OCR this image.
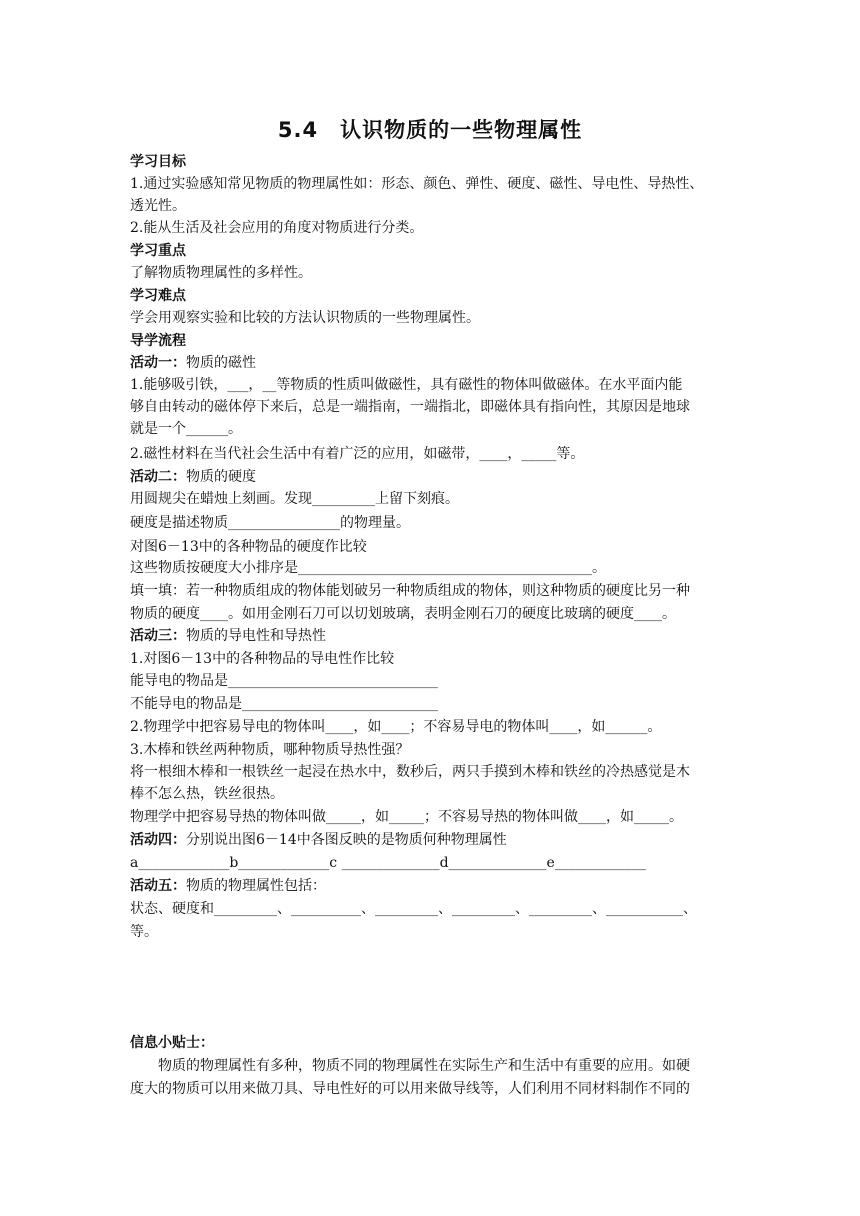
5.4　认识物质的一些物理属性
学习目标
1.通过实验感知常见物质的物理属性如：形态、颜色、弹性、硬度、磁性、导电性、导热性、
透光性。
2.能从生活及社会应用的角度对物质进行分类。
学习重点
了解物质物理属性的多样性。
学习难点
学会用观察实验和比较的方法认识物质的一些物理属性。
导学流程
活动一：物质的磁性
1.能够吸引铁，___，__等物质的性质叫做磁性，具有磁性的物体叫做磁体。在水平面内能
够自由转动的磁体停下来后，总是一端指南，一端指北，即磁体具有指向性，其原因是地球
就是一个______。
2.磁性材料在当代社会生活中有着广泛的应用，如磁带，____，_____等。
活动二：物质的硬度
用圆规尖在蜡烛上刻画。发现_________上留下刻痕。
硬度是描述物质________________的物理量。
对图6－13中的各种物品的硬度作比较
这些物质按硬度大小排序是__________________________________________。
填一填：若一种物质组成的物体能划破另一种物质组成的物体，则这种物质的硬度比另一种
物质的硬度____。如用金刚石刀可以切划玻璃，表明金刚石刀的硬度比玻璃的硬度____。
活动三：物质的导电性和导热性
1.对图6－13中的各种物品的导电性作比较
能导电的物品是______________________________
不能导电的物品是____________________________
2.物理学中把容易导电的物体叫____，如____；不容易导电的物体叫____，如______。
3.木棒和铁丝两种物质，哪种物质导热性强？
将一根细木棒和一根铁丝一起浸在热水中，数秒后，两只手摸到木棒和铁丝的冷热感觉是木
棒不怎么热，铁丝很热。
物理学中把容易导热的物体叫做_____，如_____；不容易导热的物体叫做____，如_____。
活动四：分别说出图6－14中各图反映的是物质何种物理属性
a_____________b_____________c ______________d______________e_____________
活动五：物质的物理属性包括：
状态、硬度和_________、__________、_________、_________、_________、___________、
等。
信息小贴士：
物质的物理属性有多种，物质不同的物理属性在实际生产和生活中有重要的应用。如硬
度大的物质可以用来做刀具、导电性好的可以用来做导线等，人们利用不同材料制作不同的
